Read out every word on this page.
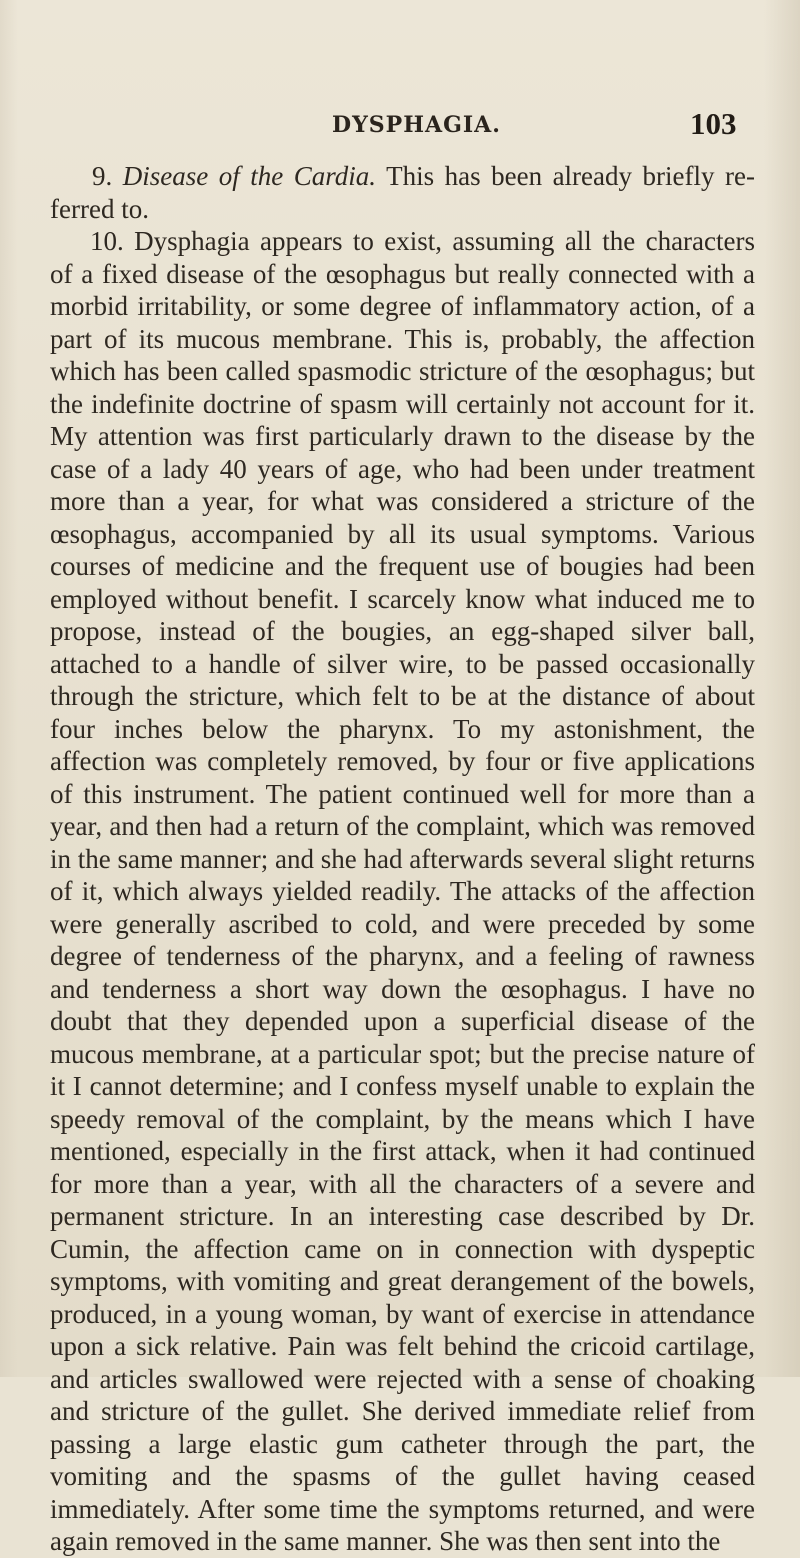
DYSPHAGIA.	103

9. Disease of the Cardia. This has been already briefly referred to.

10. Dysphagia appears to exist, assuming all the characters of a fixed disease of the œsophagus but really connected with a morbid irritability, or some degree of inflammatory action, of a part of its mucous membrane. This is, probably, the affection which has been called spasmodic stricture of the œsophagus; but the indefinite doctrine of spasm will certainly not account for it. My attention was first particularly drawn to the disease by the case of a lady 40 years of age, who had been under treatment more than a year, for what was considered a stricture of the œsophagus, accompanied by all its usual symptoms. Various courses of medicine and the frequent use of bougies had been employed without benefit. I scarcely know what induced me to propose, instead of the bougies, an egg-shaped silver ball, attached to a handle of silver wire, to be passed occasionally through the stricture, which felt to be at the distance of about four inches below the pharynx. To my astonishment, the affection was completely removed, by four or five applications of this instrument. The patient continued well for more than a year, and then had a return of the complaint, which was removed in the same manner; and she had afterwards several slight returns of it, which always yielded readily. The attacks of the affection were generally ascribed to cold, and were preceded by some degree of tenderness of the pharynx, and a feeling of rawness and tenderness a short way down the œsophagus. I have no doubt that they depended upon a superficial disease of the mucous membrane, at a particular spot; but the precise nature of it I cannot determine; and I confess myself unable to explain the speedy removal of the complaint, by the means which I have mentioned, especially in the first attack, when it had continued for more than a year, with all the characters of a severe and permanent stricture. In an interesting case described by Dr. Cumin, the affection came on in connection with dyspeptic symptoms, with vomiting and great derangement of the bowels, produced, in a young woman, by want of exercise in attendance upon a sick relative. Pain was felt behind the cricoid cartilage, and articles swallowed were rejected with a sense of choaking and stricture of the gullet. She derived immediate relief from passing a large elastic gum catheter through the part, the vomiting and the spasms of the gullet having ceased immediately. After some time the symptoms returned, and were again removed in the same manner. She was then sent into the
